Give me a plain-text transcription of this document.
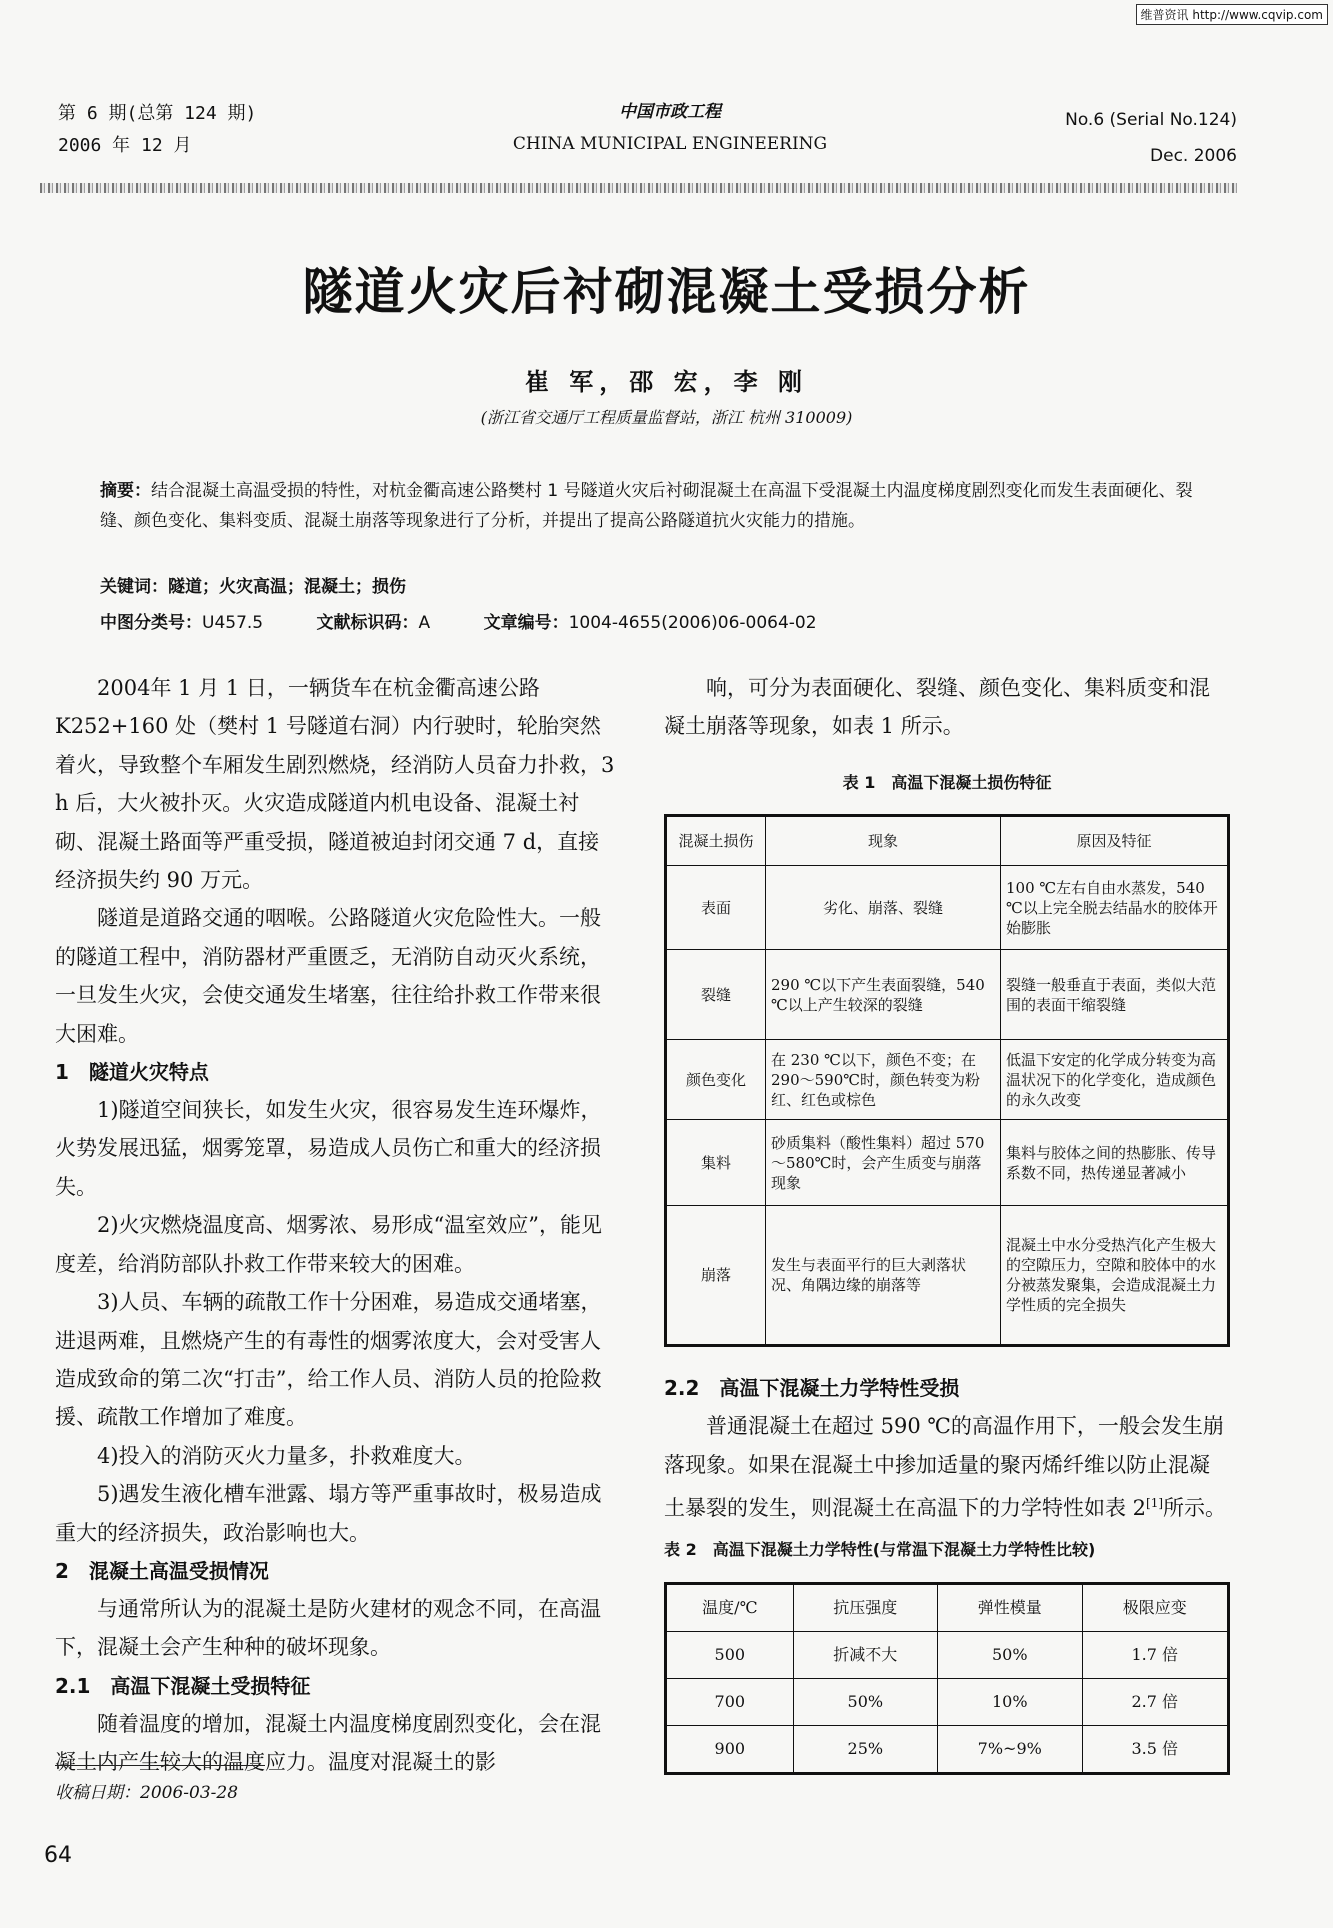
维普资讯 http://www.cqvip.com
第 6 期(总第 124 期)
2006 年 12 月
中国市政工程
CHINA MUNICIPAL ENGINEERING
No.6 (Serial No.124)
Dec. 2006
隧道火灾后衬砌混凝土受损分析
崔 军，邵 宏，李 刚
(浙江省交通厅工程质量监督站，浙江 杭州 310009)
摘要：结合混凝土高温受损的特性，对杭金衢高速公路樊村 1 号隧道火灾后衬砌混凝土在高温下受混凝土内温度梯度剧烈变化而发生表面硬化、裂缝、颜色变化、集料变质、混凝土崩落等现象进行了分析，并提出了提高公路隧道抗火灾能力的措施。
关键词：隧道；火灾高温；混凝土；损伤
中图分类号：U457.5	文献标识码：A	文章编号：1004-4655(2006)06-0064-02

2004年 1 月 1 日，一辆货车在杭金衢高速公路K252+160 处（樊村 1 号隧道右洞）内行驶时，轮胎突然着火，导致整个车厢发生剧烈燃烧，经消防人员奋力扑救，3 h 后，大火被扑灭。火灾造成隧道内机电设备、混凝土衬砌、混凝土路面等严重受损，隧道被迫封闭交通 7 d，直接经济损失约 90 万元。

隧道是道路交通的咽喉。公路隧道火灾危险性大。一般的隧道工程中，消防器材严重匮乏，无消防自动灭火系统，一旦发生火灾，会使交通发生堵塞，往往给扑救工作带来很大困难。

1　隧道火灾特点

1)隧道空间狭长，如发生火灾，很容易发生连环爆炸，火势发展迅猛，烟雾笼罩，易造成人员伤亡和重大的经济损失。

2)火灾燃烧温度高、烟雾浓、易形成“温室效应”，能见度差，给消防部队扑救工作带来较大的困难。

3)人员、车辆的疏散工作十分困难，易造成交通堵塞，进退两难，且燃烧产生的有毒性的烟雾浓度大，会对受害人造成致命的第二次“打击”，给工作人员、消防人员的抢险救援、疏散工作增加了难度。

4)投入的消防灭火力量多，扑救难度大。

5)遇发生液化槽车泄露、塌方等严重事故时，极易造成重大的经济损失，政治影响也大。

2　混凝土高温受损情况

与通常所认为的混凝土是防火建材的观念不同，在高温下，混凝土会产生种种的破坏现象。

2.1　高温下混凝土受损特征

随着温度的增加，混凝土内温度梯度剧烈变化，会在混凝土内产生较大的温度应力。温度对混凝土的影

响，可分为表面硬化、裂缝、颜色变化、集料质变和混凝土崩落等现象，如表 1 所示。

表 1　高温下混凝土损伤特征
混凝土损伤	现象	原因及特征
表面	劣化、崩落、裂缝	100 ℃左右自由水蒸发，540 ℃以上完全脱去结晶水的胶体开始膨胀
裂缝	290 ℃以下产生表面裂缝，540 ℃以上产生较深的裂缝	裂缝一般垂直于表面，类似大范围的表面干缩裂缝
颜色变化	在 230 ℃以下，颜色不变；在 290～590℃时，颜色转变为粉红、红色或棕色	低温下安定的化学成分转变为高温状况下的化学变化，造成颜色的永久改变
集料	砂质集料（酸性集料）超过 570～580℃时，会产生质变与崩落现象	集料与胶体之间的热膨胀、传导系数不同，热传递显著减小
崩落	发生与表面平行的巨大剥落状况、角隅边缘的崩落等	混凝土中水分受热汽化产生极大的空隙压力，空隙和胶体中的水分被蒸发聚集，会造成混凝土力学性质的完全损失
2.2　高温下混凝土力学特性受损

普通混凝土在超过 590 ℃的高温作用下，一般会发生崩落现象。如果在混凝土中掺加适量的聚丙烯纤维以防止混凝土暴裂的发生，则混凝土在高温下的力学特性如表 2[1]所示。

表 2　高温下混凝土力学特性(与常温下混凝土力学特性比较)
温度/℃	抗压强度	弹性模量	极限应变
500	折减不大	50%	1.7 倍
700	50%	10%	2.7 倍
900	25%	7%~9%	3.5 倍
收稿日期：2006-03-28
64
